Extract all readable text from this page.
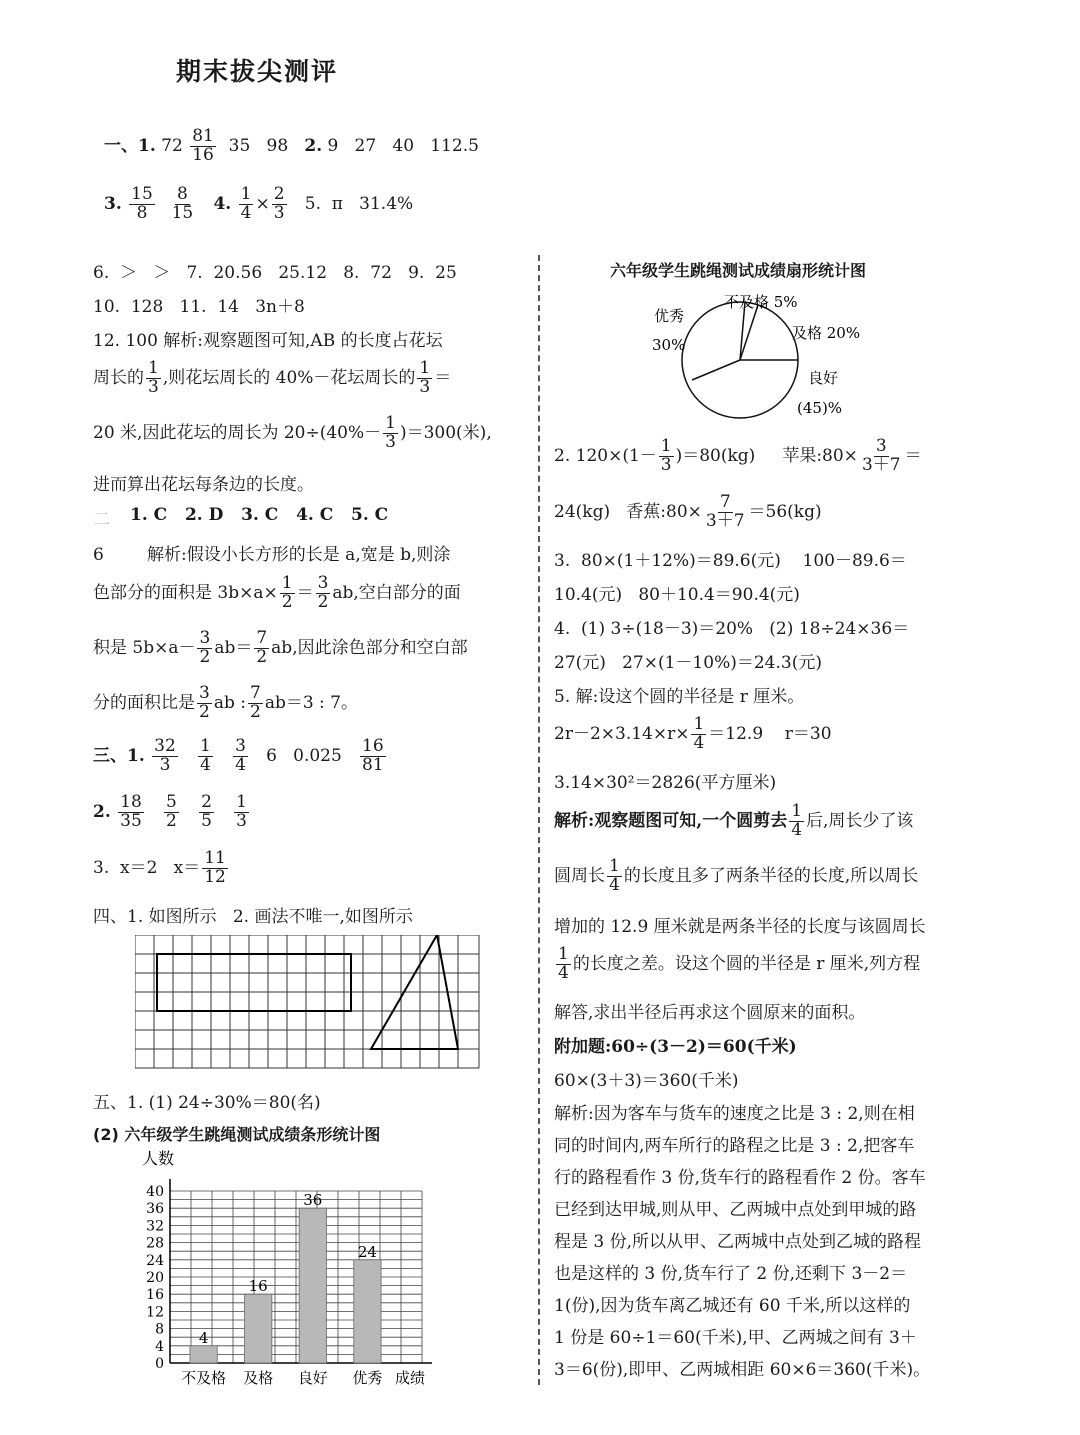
期末拔尖测评
一、1. $72 \frac{81}{16} 35$ 98 2. 9   27   40   112.5
3. $\frac{15}{8}$
$\frac{8}{15} 4$. $\frac{1}{4} \times \frac{2}{3} 5$.  π   31.4%
6.  ＞   ＞   7.  20.56   25.12   8.  72   9.  25
10.  128   11.  14   3n＋8
12. 100 解析:观察题图可知,AB 的长度占花坛
周长的 $\frac{1}{3}$ ,则花坛周长的 40%－花坛周长的 $\frac{1}{3}$ ＝
20 米,因此花坛的周长为 $20\div(40\%- \frac{1}{3} )=300$(米),
进而算出花坛每条边的长度。
二 1. C   2. D   3. C   4. C   5. C
6        解析:假设小长方形的长是 a,宽是 b,则涂
色部分的面积是 $3b\times a\times \frac{1}{2} = \frac{3}{2}$ ab,空白部分的面
积是 $5b\times a- \frac{3}{2} ab= \frac{7}{2}$ ab,因此涂色部分和空白部
分的面积比是 $\frac{3}{2}$ ab : $\frac{7}{2} ab=3$ : 7。
三、1. $\frac{32}{3}$
$\frac{1}{4}$
$\frac{3}{4} 6$   $0.025 \frac{16}{81}$
2. $\frac{18}{35}$
$\frac{5}{2}$
$\frac{2}{5}$
$\frac{1}{3}$
3.  x＝2   $x= \frac{11}{12}$
四、1. 如图所示   2. 画法不唯一,如图所示
五、1. (1) 24÷30%＝80(名)
(2) 六年级学生跳绳测试成绩条形统计图
人数
0
4
8
12
16
20
24
28
32
36
40
4
不及格
16
及格
36
良好
24
优秀 成绩
六年级学生跳绳测试成绩扇形统计图
不及格 5%
及格 20%
良好
(45)%
优秀
30%
2. $120\times(1- \frac{1}{3} )=80(kg)$     苹果:80× $\frac{3}{3+7}$ ＝
24(kg)   香蕉:80× $\frac{7}{3+7} =56(kg)$
3.  80×(1＋12%)＝89.6(元)    100－89.6＝
10.4(元)   80＋10.4＝90.4(元)
4.  (1) 3÷(18－3)＝20%   (2) 18÷24×36＝
27(元)   27×(1－10%)＝24.3(元)
5. 解:设这个圆的半径是 r 厘米。
$2r-2\times 3.14\times r\times \frac{1}{4} =12.9$    r＝30
3.14×30²＝2826(平方厘米)
解析:观察题图可知,一个圆剪去 $\frac{1}{4}$ 后,周长少了该
圆周长 $\frac{1}{4}$ 的长度且多了两条半径的长度,所以周长
增加的 12.9 厘米就是两条半径的长度与该圆周长
$\frac{1}{4}$ 的长度之差。设这个圆的半径是 r 厘米,列方程
解答,求出半径后再求这个圆原来的面积。
附加题:60÷(3－2)＝60(千米)
60×(3＋3)＝360(千米)
解析:因为客车与货车的速度之比是 3 : 2,则在相
同的时间内,两车所行的路程之比是 3 : 2,把客车
行的路程看作 3 份,货车行的路程看作 2 份。客车
已经到达甲城,则从甲、乙两城中点处到甲城的路
程是 3 份,所以从甲、乙两城中点处到乙城的路程
也是这样的 3 份,货车行了 2 份,还剩下 3－2＝
1(份),因为货车离乙城还有 60 千米,所以这样的
1 份是 60÷1＝60(千米),甲、乙两城之间有 3＋
3＝6(份),即甲、乙两城相距 60×6＝360(千米)。
